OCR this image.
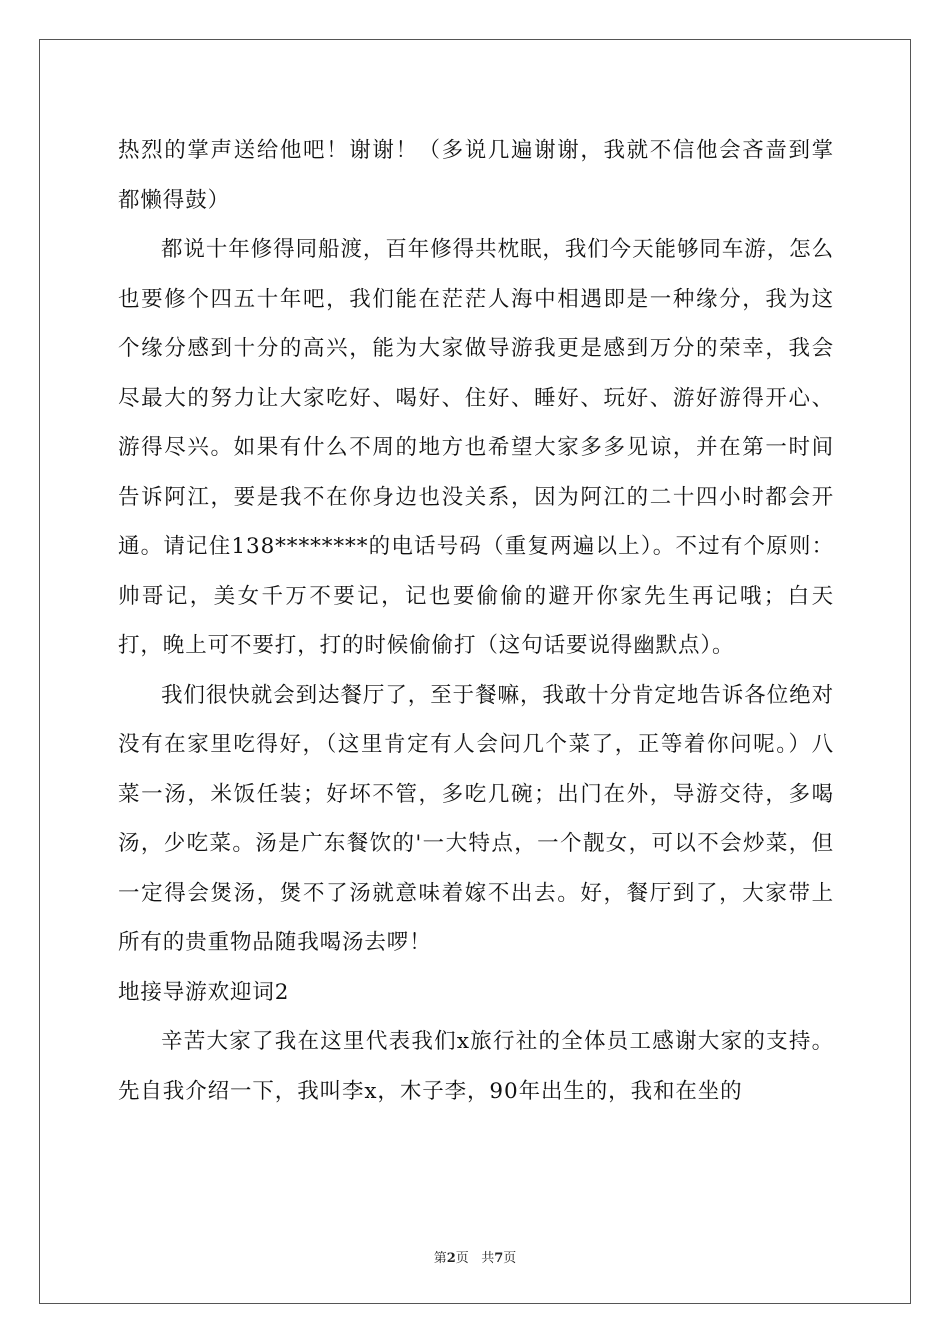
热烈的掌声送给他吧！谢谢！（多说几遍谢谢，我就不信他会吝啬到掌都懒得鼓）

都说十年修得同船渡，百年修得共枕眠，我们今天能够同车游，怎么也要修个四五十年吧，我们能在茫茫人海中相遇即是一种缘分，我为这个缘分感到十分的高兴，能为大家做导游我更是感到万分的荣幸，我会尽最大的努力让大家吃好、喝好、住好、睡好、玩好、游好游得开心、游得尽兴。如果有什么不周的地方也希望大家多多见谅，并在第一时间告诉阿江，要是我不在你身边也没关系，因为阿江的二十四小时都会开通。请记住138********的电话号码（重复两遍以上）。不过有个原则：帅哥记，美女千万不要记，记也要偷偷的避开你家先生再记哦；白天打，晚上可不要打，打的时候偷偷打（这句话要说得幽默点）。

我们很快就会到达餐厅了，至于餐嘛，我敢十分肯定地告诉各位绝对没有在家里吃得好，（这里肯定有人会问几个菜了，正等着你问呢。）八菜一汤，米饭任装；好坏不管，多吃几碗；出门在外，导游交待，多喝汤，少吃菜。汤是广东餐饮的'一大特点，一个靓女，可以不会炒菜，但一定得会煲汤，煲不了汤就意味着嫁不出去。好，餐厅到了，大家带上所有的贵重物品随我喝汤去啰！

地接导游欢迎词2

辛苦大家了我在这里代表我们x旅行社的全体员工感谢大家的支持。先自我介绍一下，我叫李x，木子李，90年出生的，我和在坐的

第2页 共7页
